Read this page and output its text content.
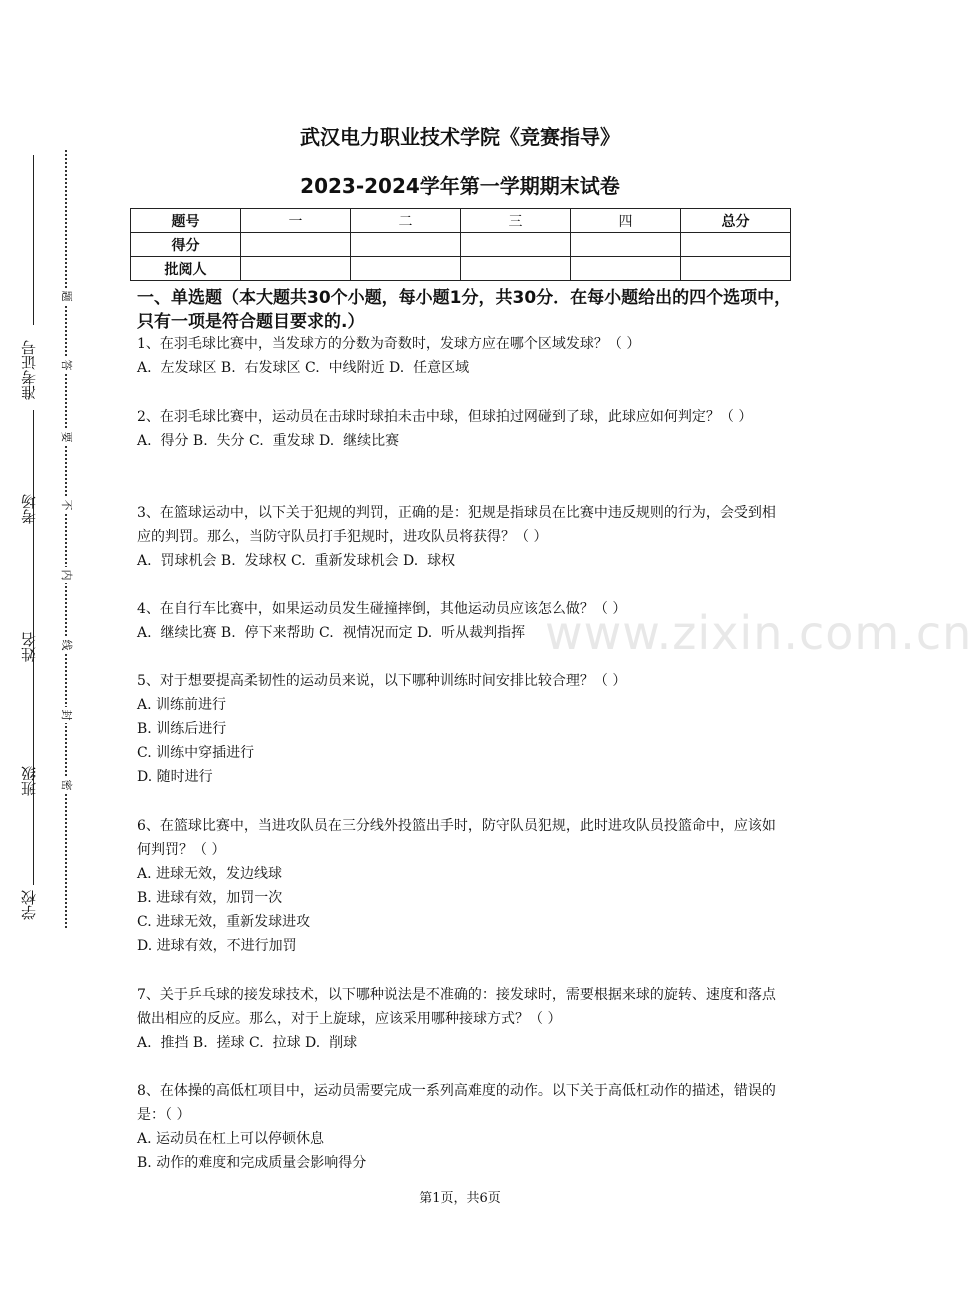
学校
班级
姓名
考场
准考证号
题
答
要
不
内
线
封
密
武汉电力职业技术学院《竞赛指导》
2023-2024学年第一学期期末试卷
题号	一	二	三	四	总分
得分					
批阅人					
一、单选题（本大题共30个小题，每小题1分，共30分．在每小题给出的四个选项中，只有一项是符合题目要求的.）
www.zixin.com.cn
1、在羽毛球比赛中，当发球方的分数为奇数时，发球方应在哪个区域发球？（ ）
A.  左发球区 B.  右发球区 C.  中线附近 D.  任意区域
2、在羽毛球比赛中，运动员在击球时球拍未击中球，但球拍过网碰到了球，此球应如何判定？（ ）
A.  得分 B.  失分 C.  重发球 D.  继续比赛
3、在篮球运动中，以下关于犯规的判罚，正确的是：犯规是指球员在比赛中违反规则的行为，会受到相应的判罚。那么，当防守队员打手犯规时，进攻队员将获得？（ ）
A.  罚球机会 B.  发球权 C.  重新发球机会 D.  球权
4、在自行车比赛中，如果运动员发生碰撞摔倒，其他运动员应该怎么做？（ ）
A.  继续比赛 B.  停下来帮助 C.  视情况而定 D.  听从裁判指挥
5、对于想要提高柔韧性的运动员来说，以下哪种训练时间安排比较合理？（ ）
A. 训练前进行
B. 训练后进行
C. 训练中穿插进行
D. 随时进行
6、在篮球比赛中，当进攻队员在三分线外投篮出手时，防守队员犯规，此时进攻队员投篮命中，应该如何判罚？（ ）
A. 进球无效，发边线球
B. 进球有效，加罚一次
C. 进球无效，重新发球进攻
D. 进球有效，不进行加罚
7、关于乒乓球的接发球技术，以下哪种说法是不准确的：接发球时，需要根据来球的旋转、速度和落点做出相应的反应。那么，对于上旋球，应该采用哪种接球方式？（ ）
A.  推挡 B.  搓球 C.  拉球 D.  削球
8、在体操的高低杠项目中，运动员需要完成一系列高难度的动作。以下关于高低杠动作的描述，错误的是：（ ）
A. 运动员在杠上可以停顿休息
B. 动作的难度和完成质量会影响得分
第1页，共6页
